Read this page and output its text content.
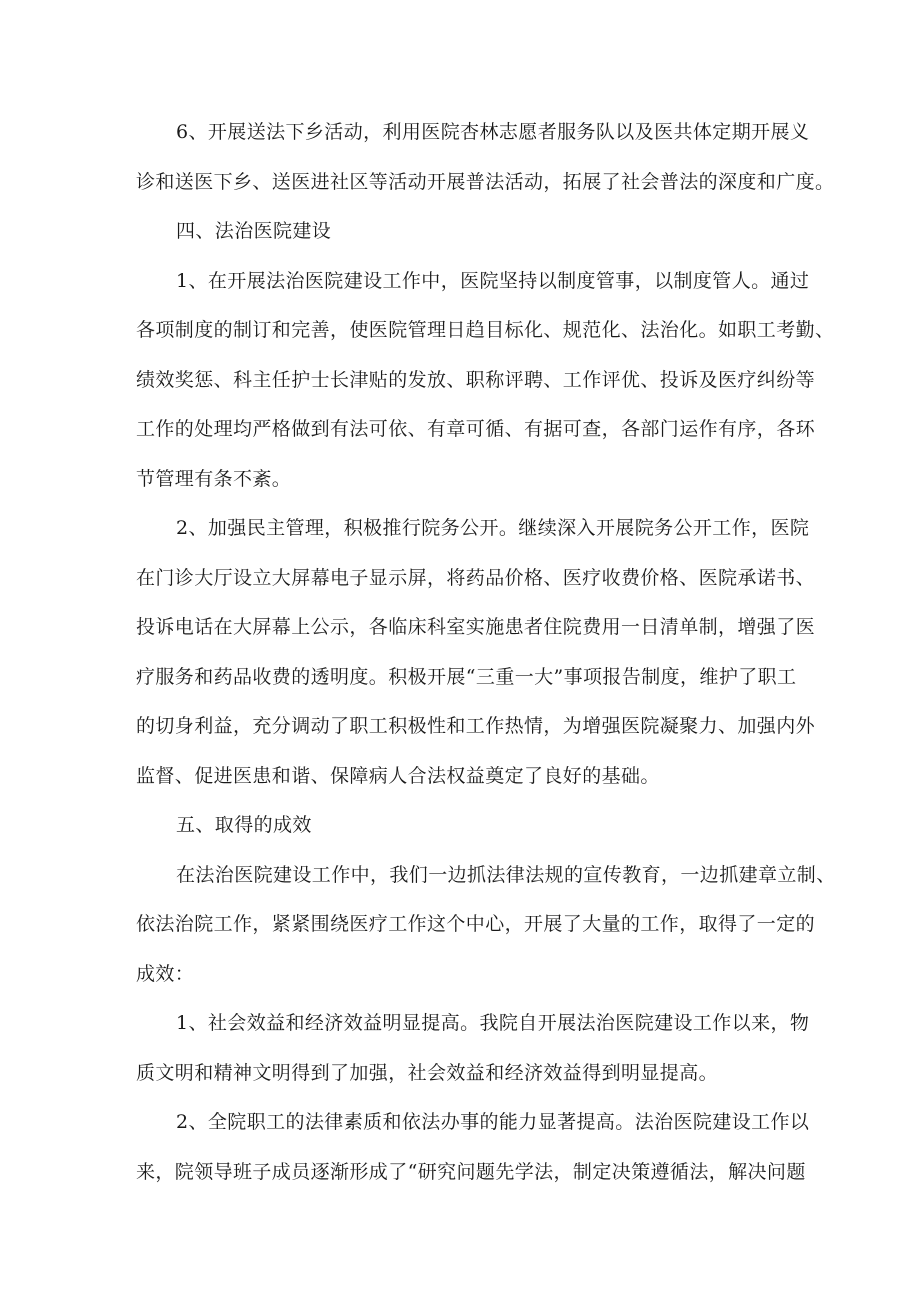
6、开展送法下乡活动，利用医院杏林志愿者服务队以及医共体定期开展义
诊和送医下乡、送医进社区等活动开展普法活动，拓展了社会普法的深度和广度。
四、法治医院建设
1、在开展法治医院建设工作中，医院坚持以制度管事，以制度管人。通过
各项制度的制订和完善，使医院管理日趋目标化、规范化、法治化。如职工考勤、
绩效奖惩、科主任护士长津贴的发放、职称评聘、工作评优、投诉及医疗纠纷等
工作的处理均严格做到有法可依、有章可循、有据可查，各部门运作有序，各环
节管理有条不紊。
2、加强民主管理，积极推行院务公开。继续深入开展院务公开工作，医院
在门诊大厅设立大屏幕电子显示屏，将药品价格、医疗收费价格、医院承诺书、
投诉电话在大屏幕上公示，各临床科室实施患者住院费用一日清单制，增强了医
疗服务和药品收费的透明度。积极开展“三重一大”事项报告制度，维护了职工
的切身利益，充分调动了职工积极性和工作热情，为增强医院凝聚力、加强内外
监督、促进医患和谐、保障病人合法权益奠定了良好的基础。
五、取得的成效
在法治医院建设工作中，我们一边抓法律法规的宣传教育，一边抓建章立制、
依法治院工作，紧紧围绕医疗工作这个中心，开展了大量的工作，取得了一定的
成效：
1、社会效益和经济效益明显提高。我院自开展法治医院建设工作以来，物
质文明和精神文明得到了加强，社会效益和经济效益得到明显提高。
2、全院职工的法律素质和依法办事的能力显著提高。法治医院建设工作以
来，院领导班子成员逐渐形成了“研究问题先学法，制定决策遵循法，解决问题
